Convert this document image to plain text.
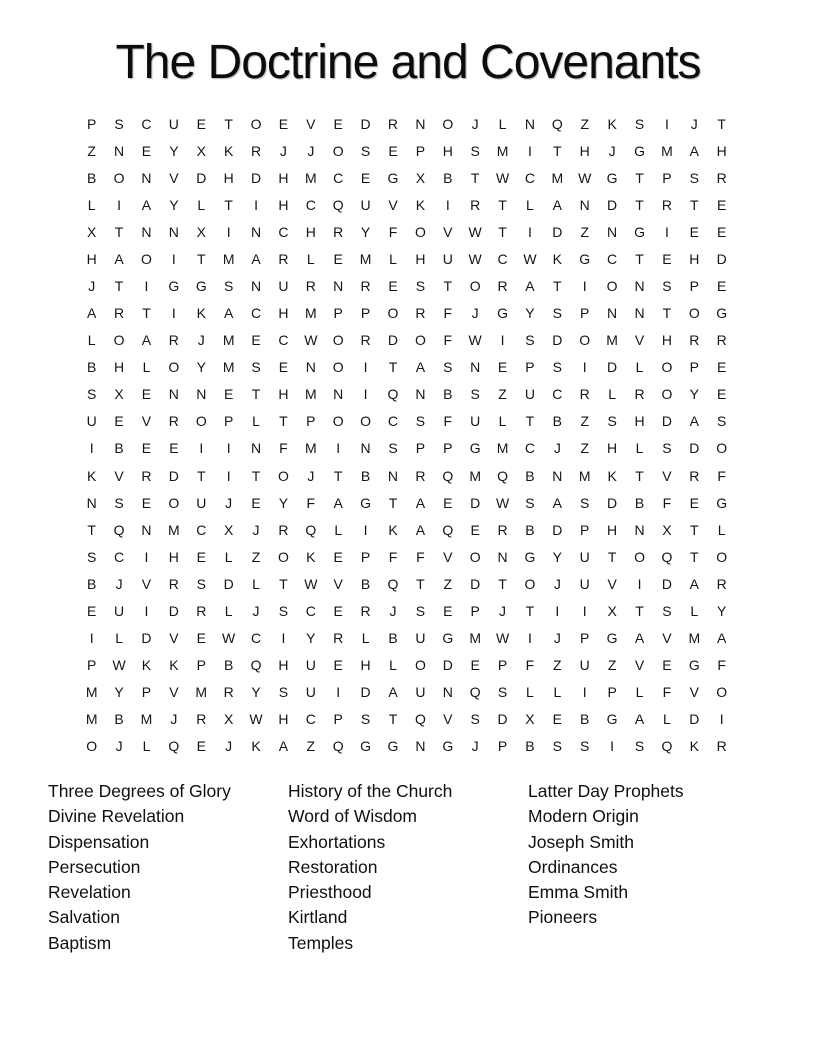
The Doctrine and Covenants
P	S	C	U	E	T	O	E	V	E	D	R	N	O	J	L	N	Q	Z	K	S	I	J	T
Z	N	E	Y	X	K	R	J	J	O	S	E	P	H	S	M	I	T	H	J	G	M	A	H
B	O	N	V	D	H	D	H	M	C	E	G	X	B	T	W	C	M	W	G	T	P	S	R
L	I	A	Y	L	T	I	H	C	Q	U	V	K	I	R	T	L	A	N	D	T	R	T	E
X	T	N	N	X	I	N	C	H	R	Y	F	O	V	W	T	I	D	Z	N	G	I	E	E
H	A	O	I	T	M	A	R	L	E	M	L	H	U	W	C	W	K	G	C	T	E	H	D
J	T	I	G	G	S	N	U	R	N	R	E	S	T	O	R	A	T	I	O	N	S	P	E
A	R	T	I	K	A	C	H	M	P	P	O	R	F	J	G	Y	S	P	N	N	T	O	G
L	O	A	R	J	M	E	C	W	O	R	D	O	F	W	I	S	D	O	M	V	H	R	R
B	H	L	O	Y	M	S	E	N	O	I	T	A	S	N	E	P	S	I	D	L	O	P	E
S	X	E	N	N	E	T	H	M	N	I	Q	N	B	S	Z	U	C	R	L	R	O	Y	E
U	E	V	R	O	P	L	T	P	O	O	C	S	F	U	L	T	B	Z	S	H	D	A	S
I	B	E	E	I	I	N	F	M	I	N	S	P	P	G	M	C	J	Z	H	L	S	D	O
K	V	R	D	T	I	T	O	J	T	B	N	R	Q	M	Q	B	N	M	K	T	V	R	F
N	S	E	O	U	J	E	Y	F	A	G	T	A	E	D	W	S	A	S	D	B	F	E	G
T	Q	N	M	C	X	J	R	Q	L	I	K	A	Q	E	R	B	D	P	H	N	X	T	L
S	C	I	H	E	L	Z	O	K	E	P	F	F	V	O	N	G	Y	U	T	O	Q	T	O
B	J	V	R	S	D	L	T	W	V	B	Q	T	Z	D	T	O	J	U	V	I	D	A	R
E	U	I	D	R	L	J	S	C	E	R	J	S	E	P	J	T	I	I	X	T	S	L	Y
I	L	D	V	E	W	C	I	Y	R	L	B	U	G	M	W	I	J	P	G	A	V	M	A
P	W	K	K	P	B	Q	H	U	E	H	L	O	D	E	P	F	Z	U	Z	V	E	G	F
M	Y	P	V	M	R	Y	S	U	I	D	A	U	N	Q	S	L	L	I	P	L	F	V	O
M	B	M	J	R	X	W	H	C	P	S	T	Q	V	S	D	X	E	B	G	A	L	D	I
O	J	L	Q	E	J	K	A	Z	Q	G	G	N	G	J	P	B	S	S	I	S	Q	K	R
Three Degrees of Glory
Divine Revelation
Dispensation
Persecution
Revelation
Salvation
Baptism
History of the Church
Word of Wisdom
Exhortations
Restoration
Priesthood
Kirtland
Temples
Latter Day Prophets
Modern Origin
Joseph Smith
Ordinances
Emma Smith
Pioneers
